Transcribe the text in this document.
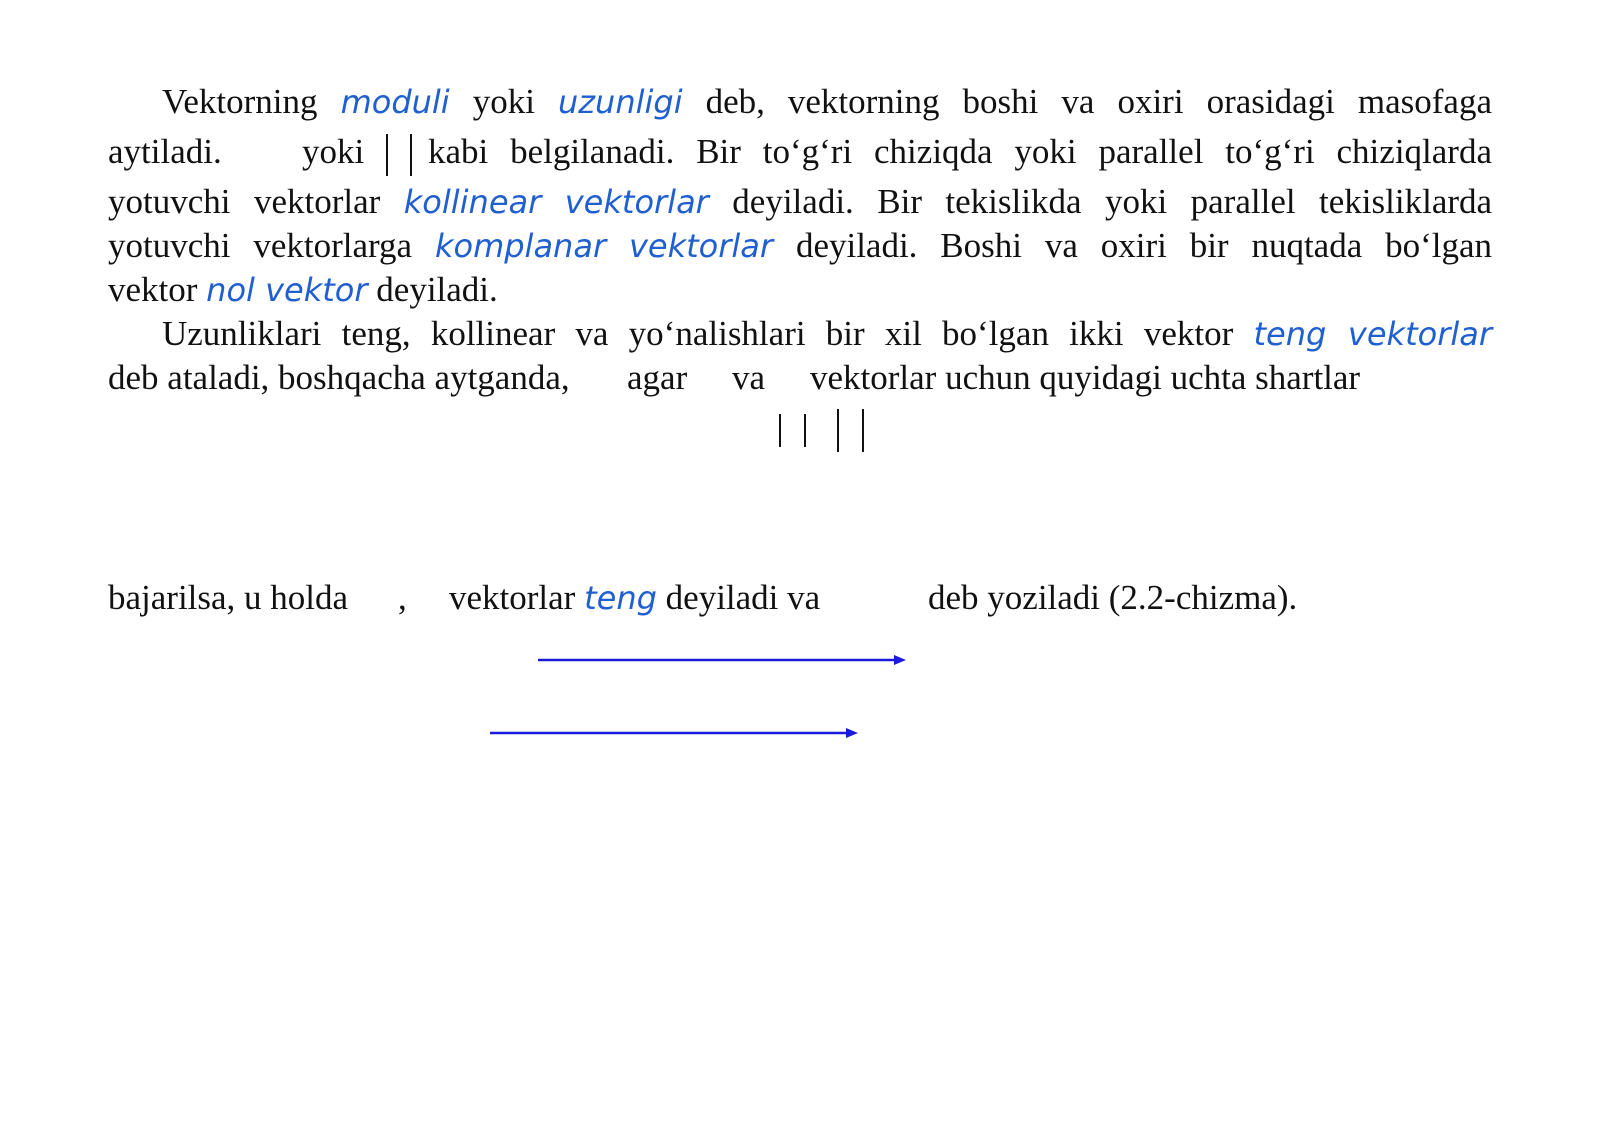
Vektorning moduli yoki uzunligi deb, vektorning boshi va oxiri orasidagi masofaga
aytiladi. yoki kabi belgilanadi. Bir to‘g‘ri chiziqda yoki parallel to‘g‘ri chiziqlarda
yotuvchi vektorlar kollinear vektorlar deyiladi. Bir tekislikda yoki parallel tekisliklarda
yotuvchi vektorlarga komplanar vektorlar deyiladi. Boshi va oxiri bir nuqtada bo‘lgan
vektor nol vektor deyiladi.
Uzunliklari teng, kollinear va yo‘nalishlari bir xil bo‘lgan ikki vektor teng vektorlar
deb ataladi, boshqacha aytganda, agar va vektorlar uchun quyidagi uchta shartlar
bajarilsa, u holda , vektorlar teng deyiladi va	deb yoziladi (2.2-chizma).
